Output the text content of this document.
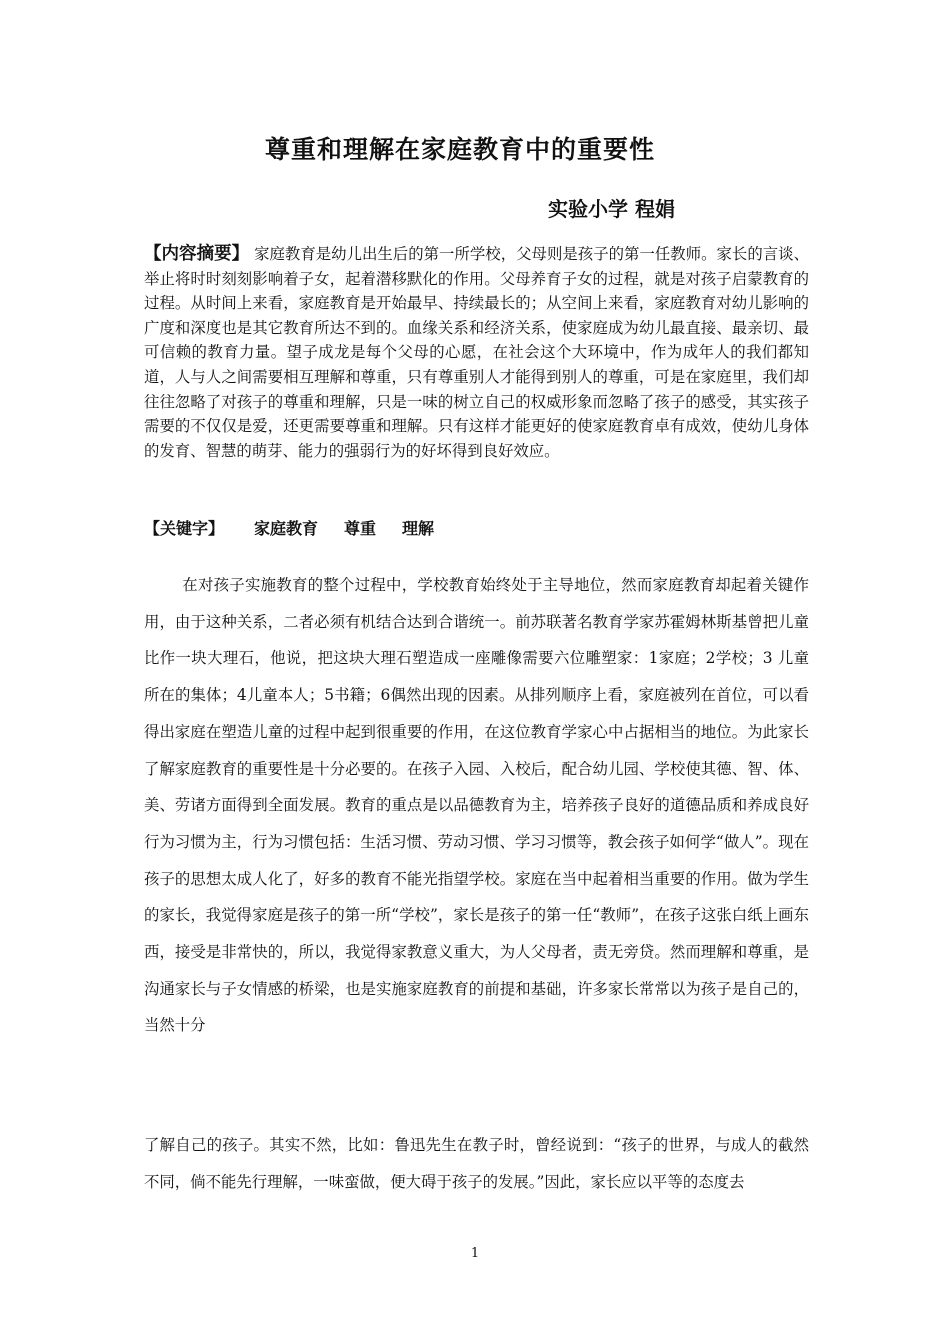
尊重和理解在家庭教育中的重要性
实验小学 程娟
【内容摘要】 家庭教育是幼儿出生后的第一所学校，父母则是孩子的第一任教师。家长的言谈、举止将时时刻刻影响着子女，起着潜移默化的作用。父母养育子女的过程，就是对孩子启蒙教育的过程。从时间上来看，家庭教育是开始最早、持续最长的；从空间上来看，家庭教育对幼儿影响的广度和深度也是其它教育所达不到的。血缘关系和经济关系，使家庭成为幼儿最直接、最亲切、最可信赖的教育力量。望子成龙是每个父母的心愿，在社会这个大环境中，作为成年人的我们都知道，人与人之间需要相互理解和尊重，只有尊重别人才能得到别人的尊重，可是在家庭里，我们却往往忽略了对孩子的尊重和理解，只是一味的树立自己的权威形象而忽略了孩子的感受，其实孩子需要的不仅仅是爱，还更需要尊重和理解。只有这样才能更好的使家庭教育卓有成效，使幼儿身体的发育、智慧的萌芽、能力的强弱行为的好坏得到良好效应。
【关键字】 家庭教育 尊重 理解
在对孩子实施教育的整个过程中，学校教育始终处于主导地位，然而家庭教育却起着关键作用，由于这种关系，二者必须有机结合达到合谐统一。前苏联著名教育学家苏霍姆林斯基曾把儿童比作一块大理石，他说，把这块大理石塑造成一座雕像需要六位雕塑家：1家庭；2学校；3 儿童所在的集体；4儿童本人；5书籍；6偶然出现的因素。从排列顺序上看，家庭被列在首位，可以看得出家庭在塑造儿童的过程中起到很重要的作用，在这位教育学家心中占据相当的地位。为此家长了解家庭教育的重要性是十分必要的。在孩子入园、入校后，配合幼儿园、学校使其德、智、体、美、劳诸方面得到全面发展。教育的重点是以品德教育为主，培养孩子良好的道德品质和养成良好行为习惯为主，行为习惯包括：生活习惯、劳动习惯、学习习惯等，教会孩子如何学“做人”。现在孩子的思想太成人化了，好多的教育不能光指望学校。家庭在当中起着相当重要的作用。做为学生的家长，我觉得家庭是孩子的第一所“学校”，家长是孩子的第一任“教师”，在孩子这张白纸上画东西，接受是非常快的，所以，我觉得家教意义重大，为人父母者，责无旁贷。然而理解和尊重，是沟通家长与子女情感的桥梁，也是实施家庭教育的前提和基础，许多家长常常以为孩子是自己的，当然十分
了解自己的孩子。其实不然，比如：鲁迅先生在教子时，曾经说到：“孩子的世界，与成人的截然不同，倘不能先行理解，一味蛮做，便大碍于孩子的发展。”因此，家长应以平等的态度去
1
